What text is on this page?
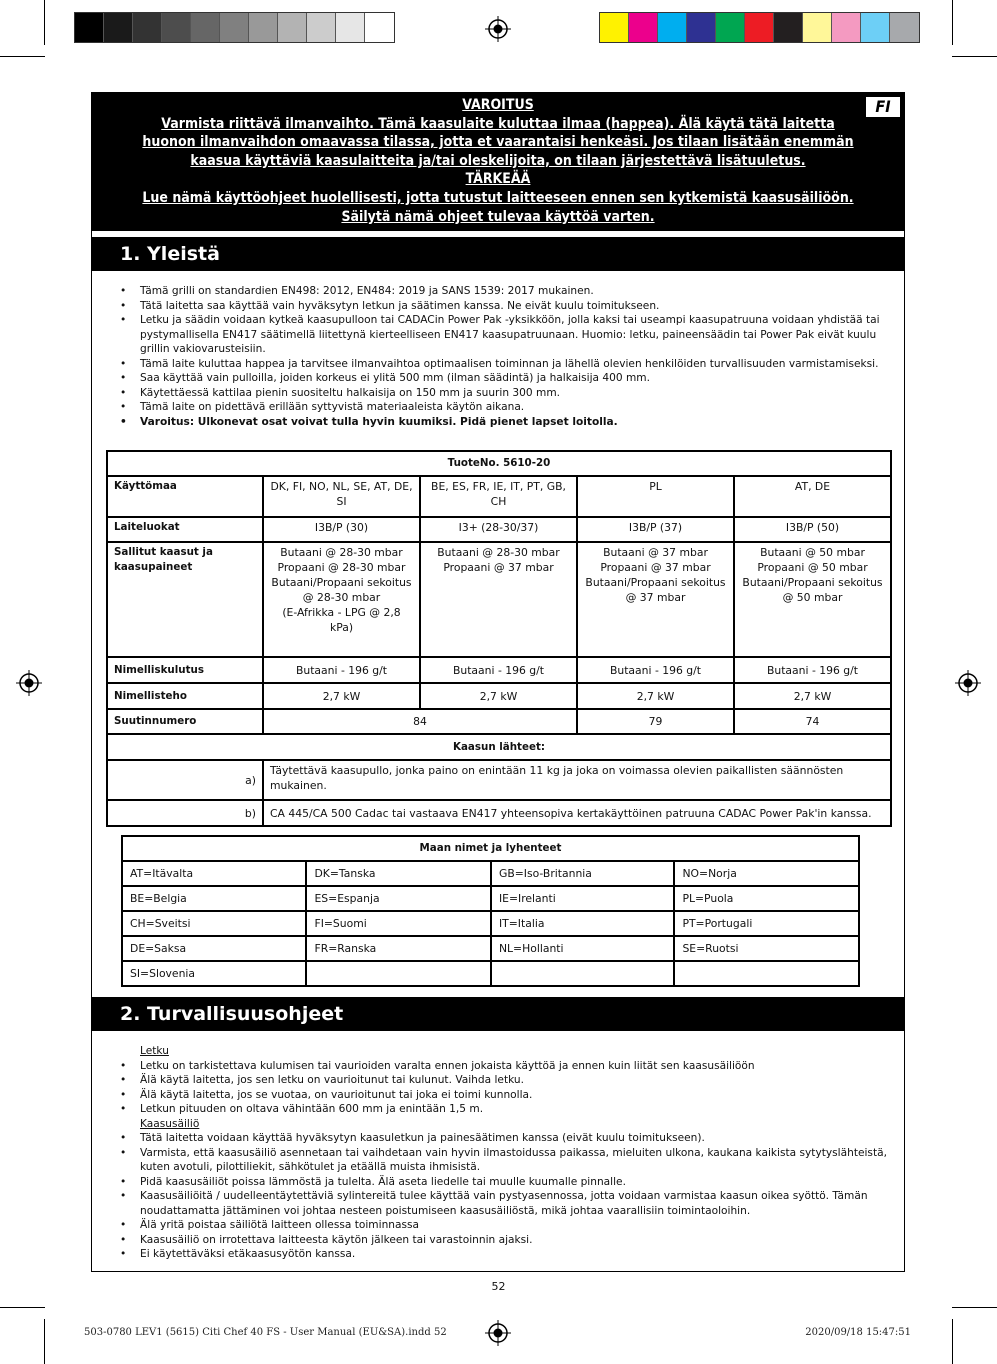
VAROITUS
Varmista riittävä ilmanvaihto. Tämä kaasulaite kuluttaa ilmaa (happea). Älä käytä tätä laitetta
huonon ilmanvaihdon omaavassa tilassa, jotta et vaarantaisi henkeäsi. Jos tilaan lisätään enemmän
kaasua käyttäviä kaasulaitteita ja/tai oleskelijoita, on tilaan järjestettävä lisätuuletus.
TÄRKEÄÄ
Lue nämä käyttöohjeet huolellisesti, jotta tutustut laitteeseen ennen sen kytkemistä kaasusäiliöön.
Säilytä nämä ohjeet tulevaa käyttöä varten.
FI
1. Yleistä
• Tämä grilli on standardien EN498: 2012, EN484: 2019 ja SANS 1539: 2017 mukainen.
• Tätä laitetta saa käyttää vain hyväksytyn letkun ja säätimen kanssa. Ne eivät kuulu toimitukseen.
• Letku ja säädin voidaan kytkeä kaasupulloon tai CADACin Power Pak -yksikköön, jolla kaksi tai useampi kaasupatruuna voidaan yhdistää tai pystymallisella EN417 säätimellä liitettynä kierteelliseen EN417 kaasupatruunaan. Huomio: letku, paineensäädin tai Power Pak eivät kuulu grillin vakiovarusteisiin.
• Tämä laite kuluttaa happea ja tarvitsee ilmanvaihtoa optimaalisen toiminnan ja lähellä olevien henkilöiden turvallisuuden varmistamiseksi.
• Saa käyttää vain pulloilla, joiden korkeus ei ylitä 500 mm (ilman säädintä) ja halkaisija 400 mm.
• Käytettäessä kattilaa pienin suositeltu halkaisija on 150 mm ja suurin 300 mm.
• Tämä laite on pidettävä erillään syttyvistä materiaaleista käytön aikana.
• Varoitus: Ulkonevat osat voivat tulla hyvin kuumiksi. Pidä pienet lapset loitolla.
TuoteNo. 5610-20				
Käyttömaa	DK, FI, NO, NL, SE, AT, DE, SI	BE, ES, FR, IE, IT, PT, GB, CH	PL	AT, DE
Laiteluokat	I3B/P (30)	I3+ (28-30/37)	I3B/P (37)	I3B/P (50)
Sallitut kaasut ja kaasupaineet	Butaani @ 28-30 mbar
Propaani @ 28-30 mbar
Butaani/Propaani sekoitus
@ 28-30 mbar
(E-Afrikka - LPG @ 2,8 kPa)	Butaani @ 28-30 mbar
Propaani @ 37 mbar	Butaani @ 37 mbar
Propaani @ 37 mbar
Butaani/Propaani sekoitus
@ 37 mbar	Butaani @ 50 mbar
Propaani @ 50 mbar
Butaani/Propaani sekoitus
@ 50 mbar
Nimelliskulutus	Butaani - 196 g/t	Butaani - 196 g/t	Butaani - 196 g/t	Butaani - 196 g/t
Nimellisteho	2,7 kW	2,7 kW	2,7 kW	2,7 kW
Suutinnumero	84		79	74
Kaasun lähteet:				
a)	Täytettävä kaasupullo, jonka paino on enintään 11 kg ja joka on voimassa olevien paikallisten säännösten mukainen.			
b)	CA 445/CA 500 Cadac tai vastaava EN417 yhteensopiva kertakäyttöinen patruuna CADAC Power Pak'in kanssa.			
Maan nimet ja lyhenteet			
AT=Itävalta	DK=Tanska	GB=Iso-Britannia	NO=Norja
BE=Belgia	ES=Espanja	IE=Irelanti	PL=Puola
CH=Sveitsi	FI=Suomi	IT=Italia	PT=Portugali
DE=Saksa	FR=Ranska	NL=Hollanti	SE=Ruotsi
SI=Slovenia			
2. Turvallisuusohjeet
Letku
• Letku on tarkistettava kulumisen tai vaurioiden varalta ennen jokaista käyttöä ja ennen kuin liität sen kaasusäiliöön
• Älä käytä laitetta, jos sen letku on vaurioitunut tai kulunut. Vaihda letku.
• Älä käytä laitetta, jos se vuotaa, on vaurioitunut tai joka ei toimi kunnolla.
• Letkun pituuden on oltava vähintään 600 mm ja enintään 1,5 m.
Kaasusäiliö
• Tätä laitetta voidaan käyttää hyväksytyn kaasuletkun ja painesäätimen kanssa (eivät kuulu toimitukseen).
• Varmista, että kaasusäiliö asennetaan tai vaihdetaan vain hyvin ilmastoidussa paikassa, mieluiten ulkona, kaukana kaikista sytytyslähteistä, kuten avotuli, pilottiliekit, sähkötulet ja etäällä muista ihmisistä.
• Pidä kaasusäiliöt poissa lämmöstä ja tulelta. Älä aseta liedelle tai muulle kuumalle pinnalle.
• Kaasusäiliöitä / uudelleentäytettäviä sylintereitä tulee käyttää vain pystyasennossa, jotta voidaan varmistaa kaasun oikea syöttö. Tämän noudattamatta jättäminen voi johtaa nesteen poistumiseen kaasusäiliöstä, mikä johtaa vaarallisiin toimintaoloihin.
• Älä yritä poistaa säiliötä laitteen ollessa toiminnassa
• Kaasusäiliö on irrotettava laitteesta käytön jälkeen tai varastoinnin ajaksi.
• Ei käytettäväksi etäkaasusyötön kanssa.
52
503-0780 LEV1 (5615) Citi Chef 40 FS - User Manual (EU&SA).indd 52	2020/09/18 15:47:51
